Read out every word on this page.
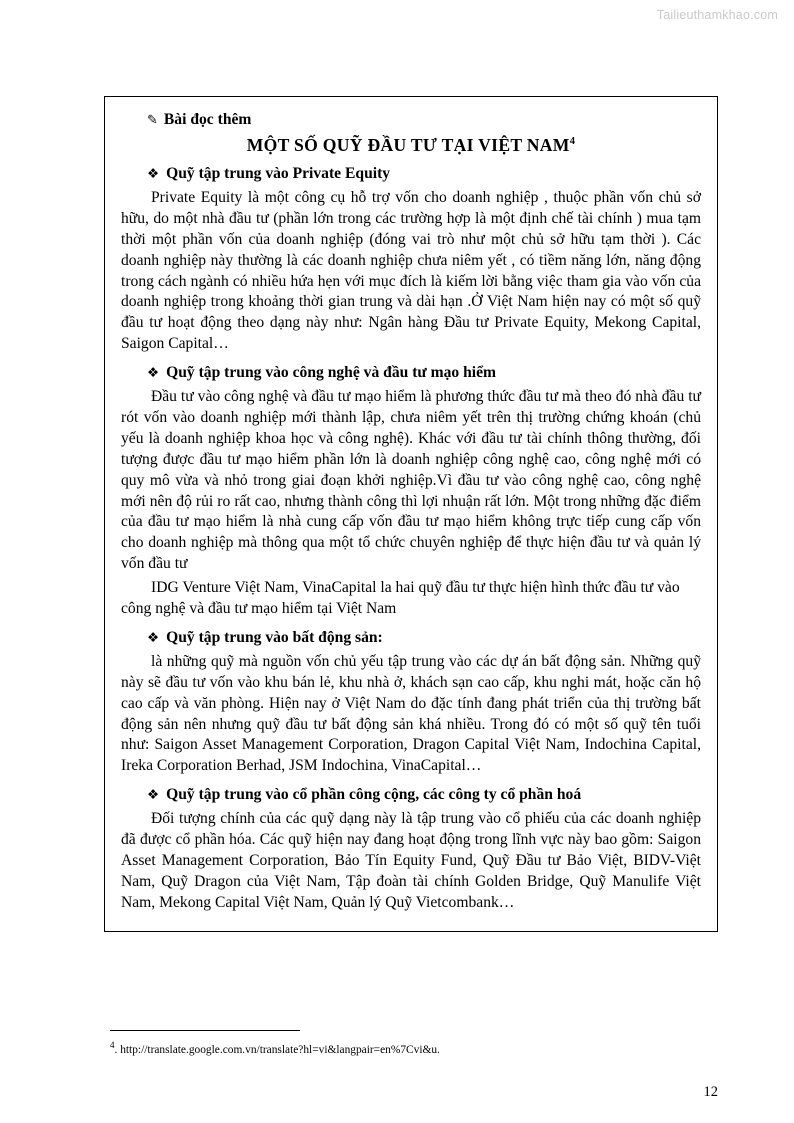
Tailieuthamkhao.com
✎ Bài đọc thêm
MỘT SỐ QUỸ ĐẦU TƯ TẠI VIỆT NAM$^4$
❖ Quỹ tập trung vào Private Equity

Private Equity là một công cụ hỗ trợ vốn cho doanh nghiệp , thuộc phần vốn chủ sở hữu, do một nhà đầu tư (phần lớn trong các trường hợp là một định chế tài chính ) mua tạm thời một phần vốn của doanh nghiệp (đóng vai trò như một chủ sở hữu tạm thời ). Các doanh nghiệp này thường là các doanh nghiệp chưa niêm yết , có tiềm năng lớn, năng động trong cách ngành có nhiều hứa hẹn với mục đích là kiếm lời bằng việc tham gia vào vốn của doanh nghiệp trong khoảng thời gian trung và dài hạn .Ở Việt Nam hiện nay có một số quỹ đầu tư hoạt động theo dạng này như: Ngân hàng Đầu tư Private Equity, Mekong Capital, Saigon Capital…

❖ Quỹ tập trung vào công nghệ và đầu tư mạo hiểm

Đầu tư vào công nghệ và đầu tư mạo hiểm là phương thức đầu tư mà theo đó nhà đầu tư rót vốn vào doanh nghiệp mới thành lập, chưa niêm yết trên thị trường chứng khoán (chủ yếu là doanh nghiệp khoa học và công nghệ). Khác với đầu tư tài chính thông thường, đối tượng được đầu tư mạo hiểm phần lớn là doanh nghiệp công nghệ cao, công nghệ mới có quy mô vừa và nhỏ trong giai đoạn khởi nghiệp.Vì đầu tư vào công nghệ cao, công nghệ mới nên độ rủi ro rất cao, nhưng thành công thì lợi nhuận rất lớn. Một trong những đặc điểm của đầu tư mạo hiểm là nhà cung cấp vốn đầu tư mạo hiểm không trực tiếp cung cấp vốn cho doanh nghiệp mà thông qua một tổ chức chuyên nghiệp để thực hiện đầu tư và quản lý vốn đầu tư

IDG Venture Việt Nam, VinaCapital la hai quỹ đầu tư thực hiện hình thức đầu tư vào công nghệ và đầu tư mạo hiểm tại Việt Nam

❖ Quỹ tập trung vào bất động sản:

là những quỹ mà nguồn vốn chủ yếu tập trung vào các dự án bất động sản. Những quỹ này sẽ đầu tư vốn vào khu bán lẻ, khu nhà ở, khách sạn cao cấp, khu nghi mát, hoặc căn hộ cao cấp và văn phòng. Hiện nay ở Việt Nam do đặc tính đang phát triển của thị trường bất động sản nên nhưng quỹ đầu tư bất động sản khá nhiều. Trong đó có một số quỹ tên tuổi như: Saigon Asset Management Corporation, Dragon Capital Việt Nam, Indochina Capital, Ireka Corporation Berhad, JSM Indochina, VinaCapital…

❖ Quỹ tập trung vào cổ phần công cộng, các công ty cổ phần hoá

Đối tượng chính của các quỹ dạng này là tập trung vào cổ phiếu của các doanh nghiệp đã được cổ phần hóa. Các quỹ hiện nay đang hoạt động trong lĩnh vực này bao gồm: Saigon Asset Management Corporation, Bảo Tín Equity Fund, Quỹ Đầu tư Bảo Việt, BIDV-Việt Nam, Quỹ Dragon của Việt Nam, Tập đoàn tài chính Golden Bridge, Quỹ Manulife Việt Nam, Mekong Capital Việt Nam, Quản lý Quỹ Vietcombank…

$^4$. http://translate.google.com.vn/translate?hl=vi&langpair=en%7Cvi&u.
12
